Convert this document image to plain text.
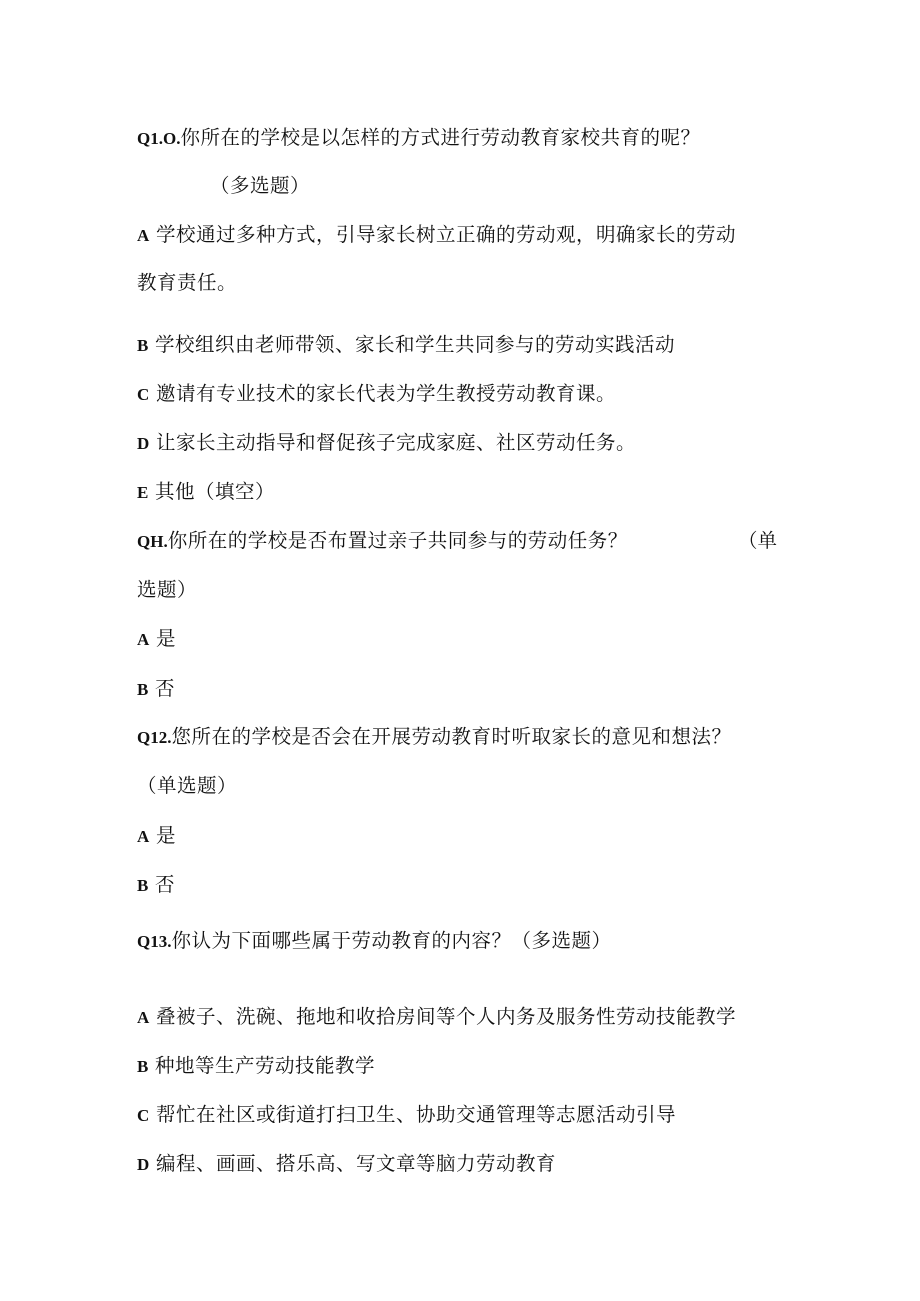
Q1.O.你所在的学校是以怎样的方式进行劳动教育家校共育的呢？
（多选题）
A 学校通过多种方式，引导家长树立正确的劳动观，明确家长的劳动
教育责任。
B 学校组织由老师带领、家长和学生共同参与的劳动实践活动
C 邀请有专业技术的家长代表为学生教授劳动教育课。
D 让家长主动指导和督促孩子完成家庭、社区劳动任务。
E 其他（填空）
QH.你所在的学校是否布置过亲子共同参与的劳动任务？	（单
选题）
A 是
B 否
Q12.您所在的学校是否会在开展劳动教育时听取家长的意见和想法？
（单选题）
A 是
B 否
Q13.你认为下面哪些属于劳动教育的内容？（多选题）
A 叠被子、洗碗、拖地和收拾房间等个人内务及服务性劳动技能教学
B 种地等生产劳动技能教学
C 帮忙在社区或街道打扫卫生、协助交通管理等志愿活动引导
D 编程、画画、搭乐高、写文章等脑力劳动教育
